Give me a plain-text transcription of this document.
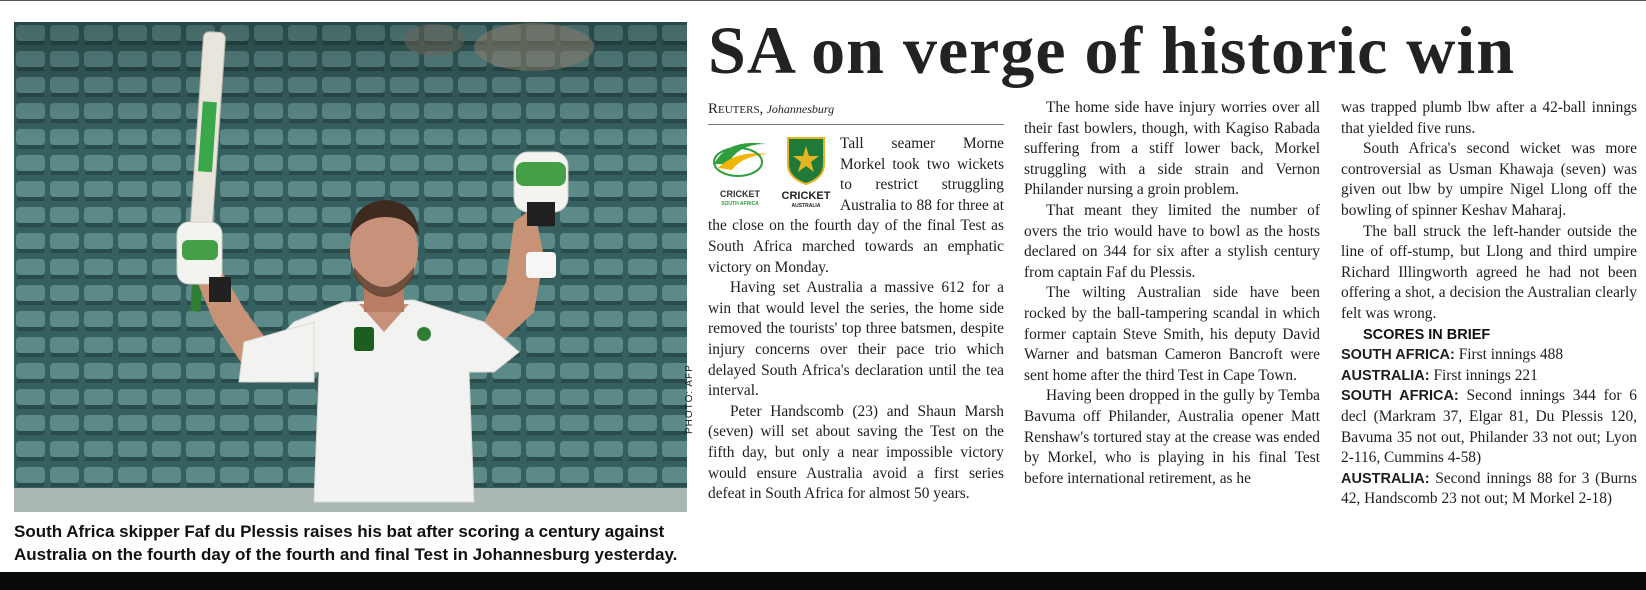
PHOTO: AFP
South Africa skipper Faf du Plessis raises his bat after scoring a century against Australia on the fourth day of the fourth and final Test in Johannesburg yesterday.
SA on verge of historic win
Reuters, Johannesburg
CRICKET
SOUTH AFRICA
CRICKET
AUSTRALIA

Tall seamer Morne Morkel took two wickets to restrict struggling Australia to 88 for three at the close on the fourth day of the final Test as South Africa marched towards an emphatic victory on Monday.

Having set Australia a massive 612 for a win that would level the series, the home side removed the tourists' top three batsmen, despite injury concerns over their pace trio which delayed South Africa's declaration until the tea interval.

Peter Handscomb (23) and Shaun Marsh (seven) will set about saving the Test on the fifth day, but only a near impossible victory would ensure Australia avoid a first series defeat in South Africa for almost 50 years.

The home side have injury worries over all their fast bowlers, though, with Kagiso Rabada suffering from a stiff lower back, Morkel struggling with a side strain and Vernon Philander nursing a groin problem.

That meant they limited the number of overs the trio would have to bowl as the hosts declared on 344 for six after a stylish century from captain Faf du Plessis.

The wilting Australian side have been rocked by the ball-tampering scandal in which former captain Steve Smith, his deputy David Warner and batsman Cameron Bancroft were sent home after the third Test in Cape Town.

Having been dropped in the gully by Temba Bavuma off Philander, Australia opener Matt Renshaw's tortured stay at the crease was ended by Morkel, who is playing in his final Test before international retirement, as he

was trapped plumb lbw after a 42-ball innings that yielded five runs.

South Africa's second wicket was more controversial as Usman Khawaja (seven) was given out lbw by umpire Nigel Llong off the bowling of spinner Keshav Maharaj.

The ball struck the left-hander outside the line of off-stump, but Llong and third umpire Richard Illingworth agreed he had not been offering a shot, a decision the Australian clearly felt was wrong.

SCORES IN BRIEF

SOUTH AFRICA: First innings 488

AUSTRALIA: First innings 221

SOUTH AFRICA: Second innings 344 for 6 decl (Markram 37, Elgar 81, Du Plessis 120, Bavuma 35 not out, Philander 33 not out; Lyon 2-116, Cummins 4-58)

AUSTRALIA: Second innings 88 for 3 (Burns 42, Handscomb 23 not out; M Morkel 2-18)
